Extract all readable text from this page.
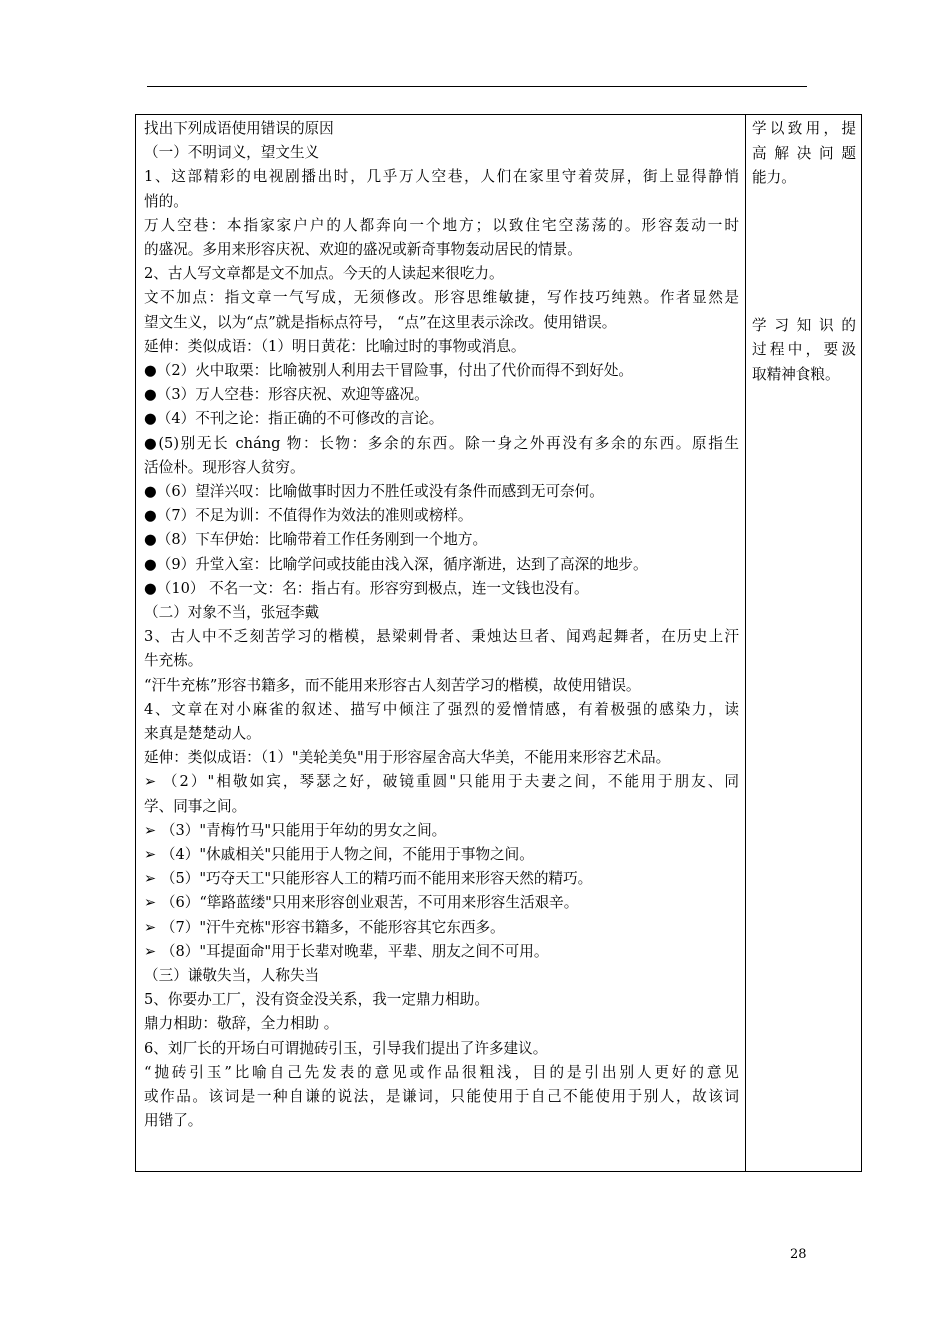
找出下列成语使用错误的原因
（一）不明词义，望文生义
1、这部精彩的电视剧播出时，几乎万人空巷，人们在家里守着荧屏，街上显得静悄
悄的。
万人空巷：本指家家户户的人都奔向一个地方；以致住宅空荡荡的。形容轰动一时
的盛况。多用来形容庆祝、欢迎的盛况或新奇事物轰动居民的情景。
2、古人写文章都是文不加点。今天的人读起来很吃力。
文不加点：指文章一气写成，无须修改。形容思维敏捷，写作技巧纯熟。作者显然是
望文生义，以为“点”就是指标点符号， “点”在这里表示涂改。使用错误。
延伸：类似成语：（1）明日黄花：比喻过时的事物或消息。
●（2）火中取栗：比喻被别人利用去干冒险事，付出了代价而得不到好处。
●（3）万人空巷：形容庆祝、欢迎等盛况。
●（4）不刊之论：指正确的不可修改的言论。
●(5)别无长 cháng 物：长物：多余的东西。除一身之外再没有多余的东西。原指生
活俭朴。现形容人贫穷。
●（6）望洋兴叹：比喻做事时因力不胜任或没有条件而感到无可奈何。
●（7）不足为训：不值得作为效法的准则或榜样。
●（8）下车伊始：比喻带着工作任务刚到一个地方。
●（9）升堂入室：比喻学问或技能由浅入深，循序渐进，达到了高深的地步。
●（10） 不名一文：名：指占有。形容穷到极点，连一文钱也没有。
（二）对象不当，张冠李戴
3、古人中不乏刻苦学习的楷模，悬梁刺骨者、秉烛达旦者、闻鸡起舞者，在历史上汗
牛充栋。
“汗牛充栋”形容书籍多，而不能用来形容古人刻苦学习的楷模，故使用错误。
4、文章在对小麻雀的叙述、描写中倾注了强烈的爱憎情感，有着极强的感染力，读
来真是楚楚动人。
延伸：类似成语：（1）"美轮美奂"用于形容屋舍高大华美，不能用来形容艺术品。
➢ （2）"相敬如宾，琴瑟之好，破镜重圆"只能用于夫妻之间，不能用于朋友、同
学、同事之间。
➢ （3）"青梅竹马"只能用于年幼的男女之间。
➢ （4）"休戚相关"只能用于人物之间，不能用于事物之间。
➢ （5）"巧夺天工"只能形容人工的精巧而不能用来形容天然的精巧。
➢ （6）“筚路蓝缕"只用来形容创业艰苦，不可用来形容生活艰辛。
➢ （7）"汗牛充栋"形容书籍多，不能形容其它东西多。
➢ （8）"耳提面命"用于长辈对晚辈，平辈、朋友之间不可用。
（三）谦敬失当，人称失当
5、你要办工厂，没有资金没关系，我一定鼎力相助。
鼎力相助：敬辞，全力相助 。
6、刘厂长的开场白可谓抛砖引玉，引导我们提出了许多建议。
“抛砖引玉”比喻自己先发表的意见或作品很粗浅，目的是引出别人更好的意见
或作品。该词是一种自谦的说法，是谦词，只能使用于自己不能使用于别人，故该词
用错了。
学以致用，提
高解决问题
能力。
学习知识的
过程中，要汲
取精神食粮。
28
